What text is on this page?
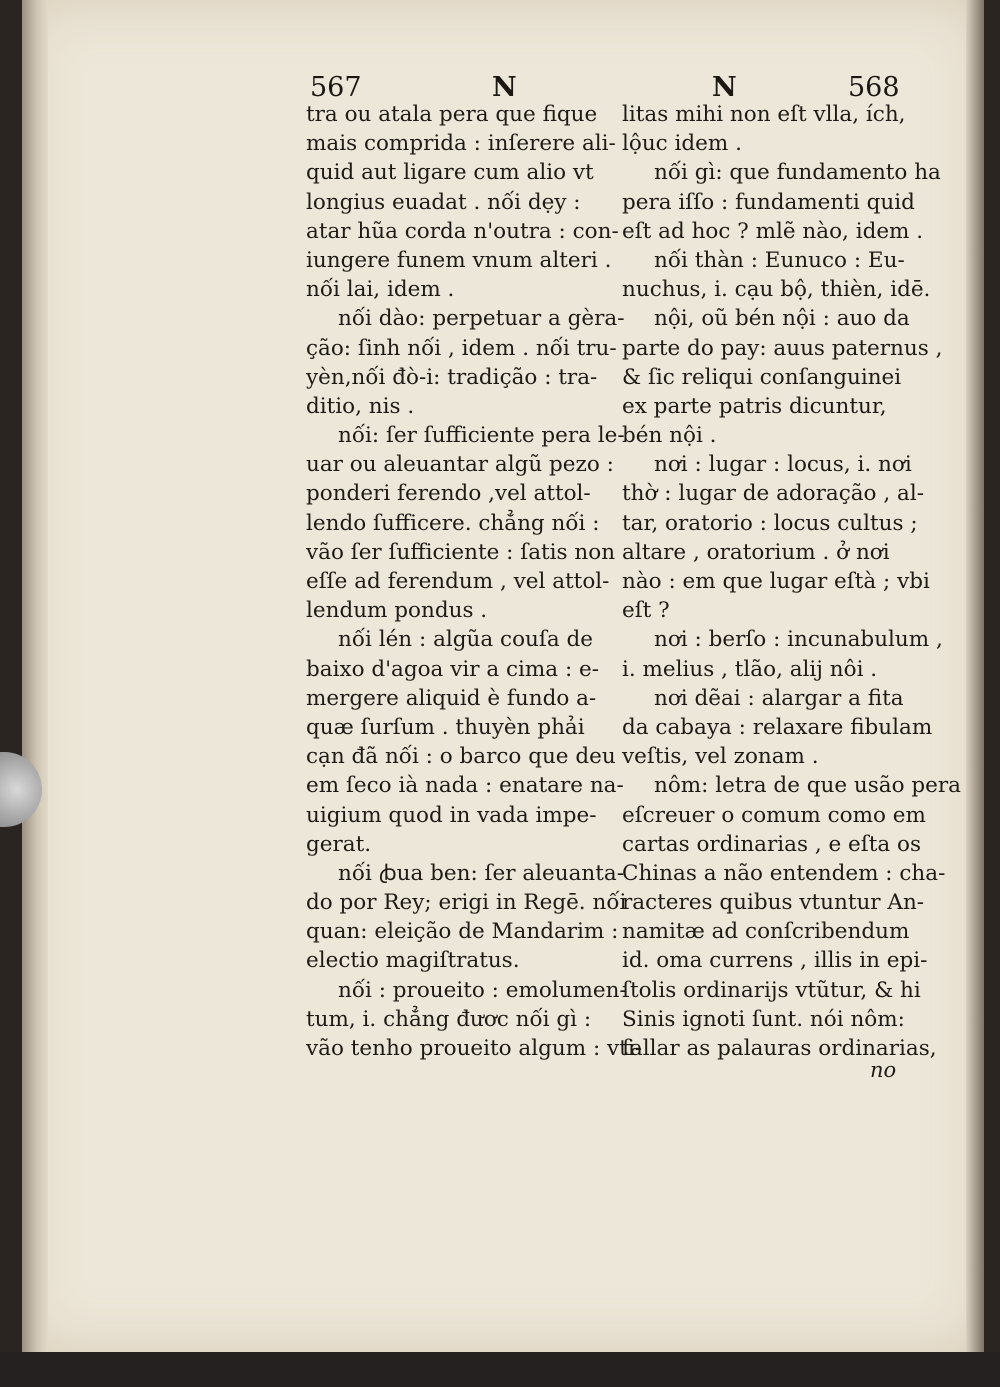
567	N	N	568
tra ou atala pera que fique
mais comprida : inſerere ali-
quid aut ligare cum alio vt
longius euadat . nối dẹy :
atar hũa corda n'outra : con-
iungere funem vnum alteri .
nối lai, idem .
nối dào: perpetuar a gèra-
ção: ſinh nối , idem . nối tru-
yèn,nối đò-i: tradição : tra-
ditio, nis .
nối: ſer ſufficiente pera le-
uar ou aleuantar algũ pezo :
ponderi ferendo ,vel attol-
lendo ſufficere. chẳng nối :
vão ſer ſufficiente : ſatis non
eſſe ad ferendum , vel attol-
lendum pondus .
nối lén : algũa couſa de
baixo d'agoa vir a cima : e-
mergere aliquid è fundo a-
quæ ſurſum . thuyèn phải
cạn đã nối : o barco que deu
em ſeco ià nada : enatare na-
uigium quod in vada impe-
gerat.
nối ꞗua ben: ſer aleuanta-
do por Rey; erigi in Regē. nối
quan: eleição de Mandarim :
electio magiſtratus.
nối : proueito : emolumen-
tum, i. chẳng đươc nối gì :
vão tenho proueito algum : vti-
litas mihi non eſt vlla, ích,
lộuc idem .
nối gì: que fundamento ha
pera iſſo : fundamenti quid
eſt ad hoc ? mlẽ nào, idem .
nối thàn : Eunuco : Eu-
nuchus, i. cạu bộ, thièn, idē.
nội, oũ bén nội : auo da
parte do pay: auus paternus ,
& ſic reliqui conſanguinei
ex parte patris dicuntur,
bén nội .
nơi : lugar : locus, i. nơi
thờ : lugar de adoração , al-
tar, oratorio : locus cultus ;
altare , oratorium . ở nơi
nào : em que lugar eſtà ; vbi
eſt ?
nơi : berſo : incunabulum ,
i. melius , tlão, alij nôi .
nơi dẽai : alargar a fita
da cabaya : relaxare fibulam
veſtis, vel zonam .
nôm: letra de que usão pera
eſcreuer o comum como em
cartas ordinarias , e eſta os
Chinas a não entendem : cha-
racteres quibus vtuntur An-
namitæ ad conſcribendum
id. oma currens , illis in epi-
ſtolis ordinarijs vtũtur, & hi
Sinis ignoti ſunt. nói nôm:
fallar as palauras ordinarias,
no
